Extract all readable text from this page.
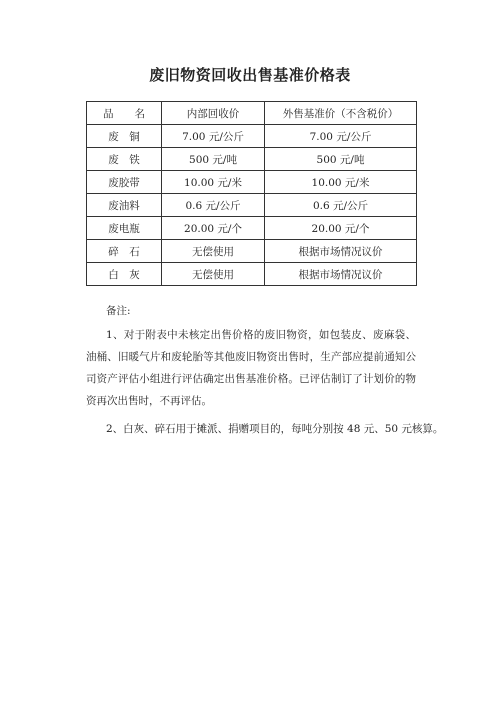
废旧物资回收出售基准价格表
品　　名	内部回收价	外售基准价（不含税价）
废　铜	7.00 元/公斤	7.00 元/公斤
废　铁	500 元/吨	500 元/吨
废胶带	10.00 元/米	10.00 元/米
废油料	0.6 元/公斤	0.6 元/公斤
废电瓶	20.00 元/个	20.00 元/个
碎　石	无偿使用	根据市场情况议价
白　灰	无偿使用	根据市场情况议价

备注:

1、对于附表中未核定出售价格的废旧物资，如包装皮、废麻袋、油桶、旧暖气片和废轮胎等其他废旧物资出售时，生产部应提前通知公司资产评估小组进行评估确定出售基准价格。已评估制订了计划价的物资再次出售时，不再评估。

2、白灰、碎石用于摊派、捐赠项目的，每吨分别按 48 元、50 元核算。
